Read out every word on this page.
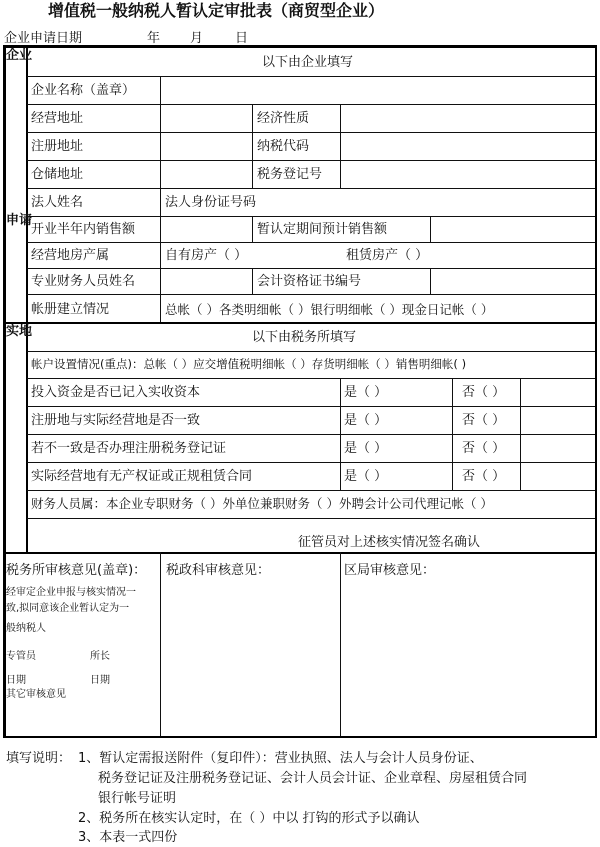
增值税一般纳税人暂认定审批表（商贸型企业）
企业申请日期	年 月 日
企业
申请
实地
以下由企业填写
企业名称（盖章）
经营地址	经济性质
注册地址	纳税代码
仓储地址	税务登记号
法人姓名	法人身份证号码
开业半年内销售额	暂认定期间预计销售额
经营地房产属	自有房产（ ）	租赁房产（ ）
专业财务人员姓名	会计资格证书编号
帐册建立情况	总帐（ ）各类明细帐（ ）银行明细帐（ ）现金日记帐（ ）
以下由税务所填写
帐户设置情况(重点)：总帐（ ）应交增值税明细帐（ ）存货明细帐（ ）销售明细帐( )
投入资金是否已记入实收资本	是（ ）	否（ ）
注册地与实际经营地是否一致	是（ ）	否（ ）
若不一致是否办理注册税务登记证	是（ ）	否（ ）
实际经营地有无产权证或正规租赁合同	是（ ）	否（ ）
财务人员属：本企业专职财务（ ）外单位兼职财务（ ）外聘会计公司代理记帐（ ）
征管员对上述核实情况签名确认
税务所审核意见(盖章)：
经审定企业申报与核实情况一
致,拟同意该企业暂认定为一
般纳税人
专管员	所长
日期	日期
其它审核意见
税政科审核意见：	区局审核意见：
填写说明： 1、暂认定需报送附件（复印件）：营业执照、法人与会计人员身份证、
税务登记证及注册税务登记证、会计人员会计证、企业章程、房屋租赁合同
银行帐号证明
2、税务所在核实认定时，在（ ）中以 打钩的形式予以确认
3、本表一式四份
